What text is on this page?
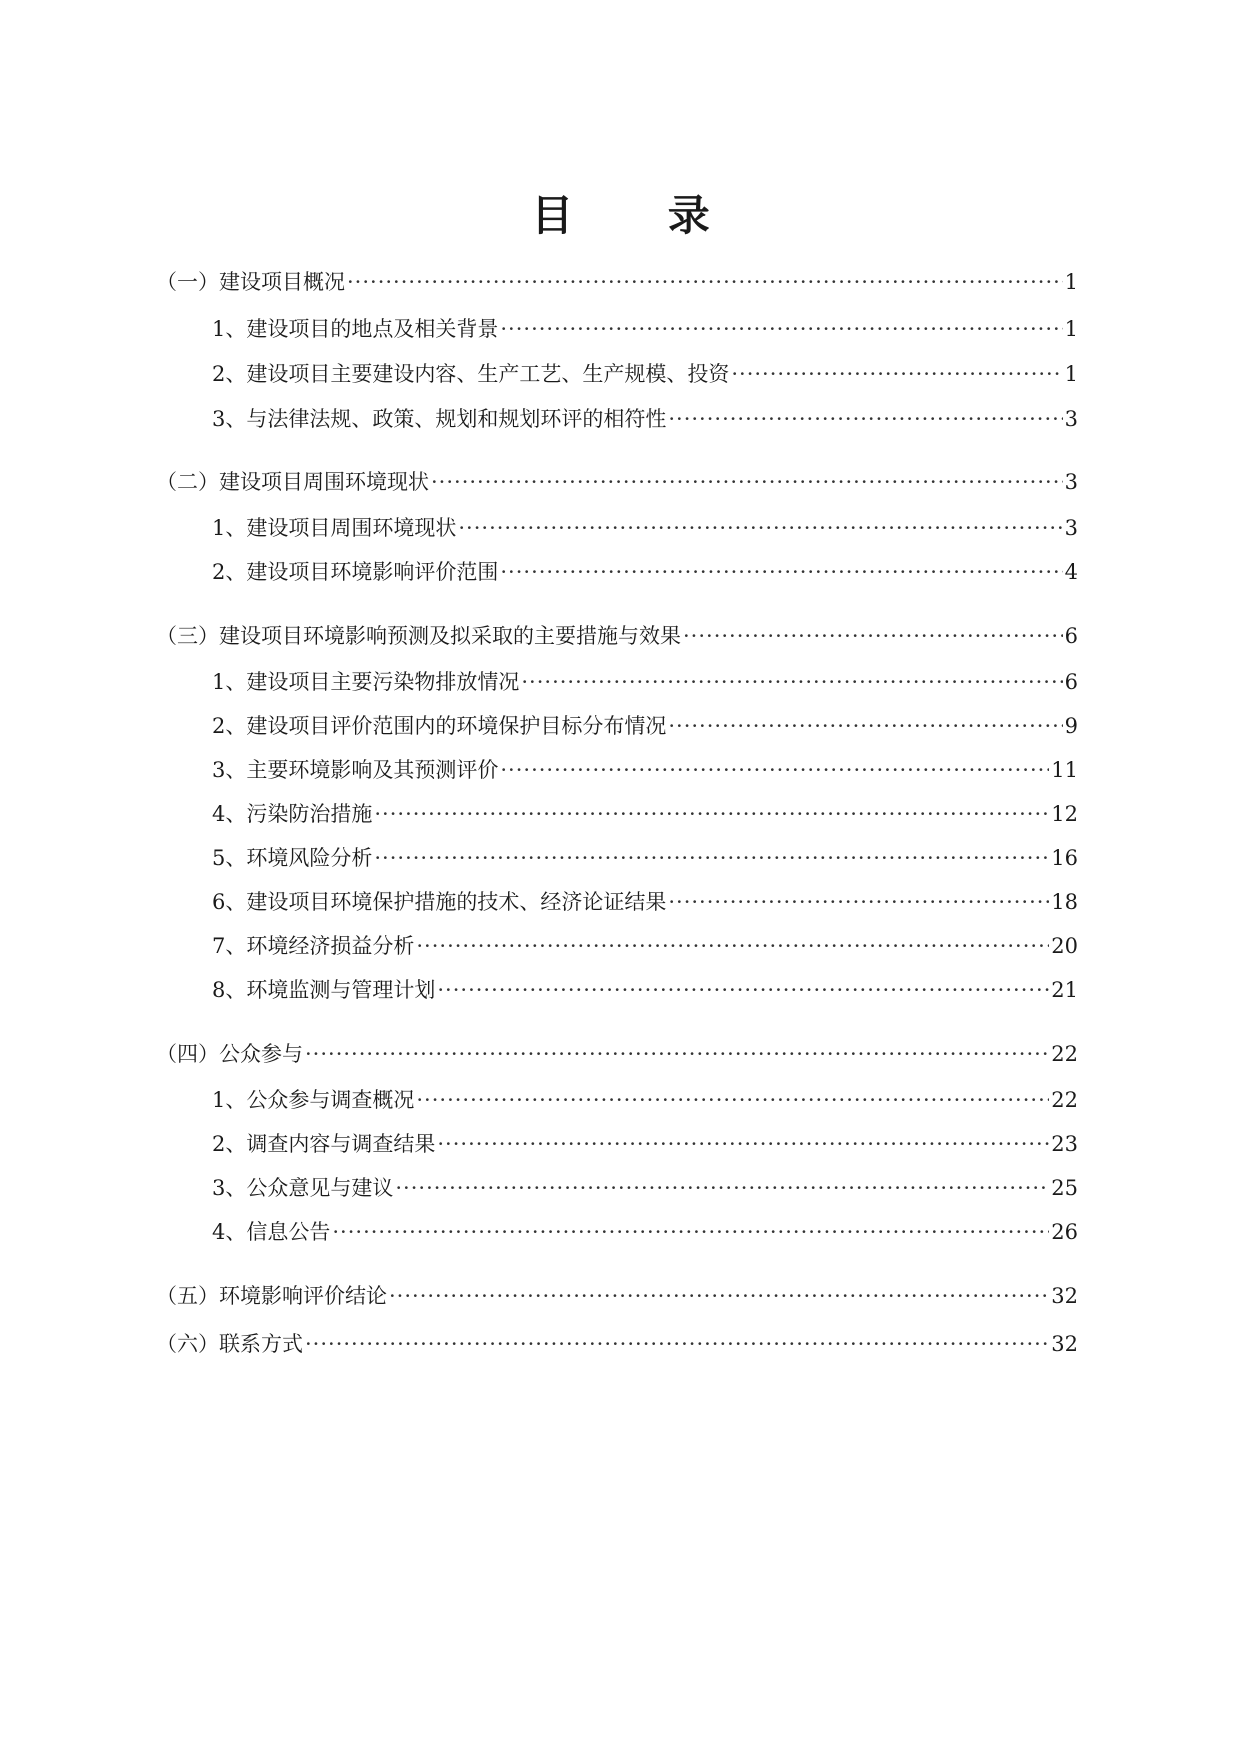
目 录
（一）建设项目概况 ·····	1
1、建设项目的地点及相关背景 ·····	1
2、建设项目主要建设内容、生产工艺、生产规模、投资 ·····	1
3、与法律法规、政策、规划和规划环评的相符性 ·····	3
（二）建设项目周围环境现状 ·····	3
1、建设项目周围环境现状 ·····	3
2、建设项目环境影响评价范围 ·····	4
（三）建设项目环境影响预测及拟采取的主要措施与效果 ·····	6
1、建设项目主要污染物排放情况 ·····	6
2、建设项目评价范围内的环境保护目标分布情况 ·····	9
3、主要环境影响及其预测评价 ·····	11
4、污染防治措施 ·····	12
5、环境风险分析 ·····	16
6、建设项目环境保护措施的技术、经济论证结果 ·····	18
7、环境经济损益分析 ·····	20
8、环境监测与管理计划 ·····	21
（四）公众参与 ·····	22
1、公众参与调查概况 ·····	22
2、调查内容与调查结果 ·····	23
3、公众意见与建议 ·····	25
4、信息公告 ·····	26
（五）环境影响评价结论 ·····	32
（六）联系方式 ·····	32
